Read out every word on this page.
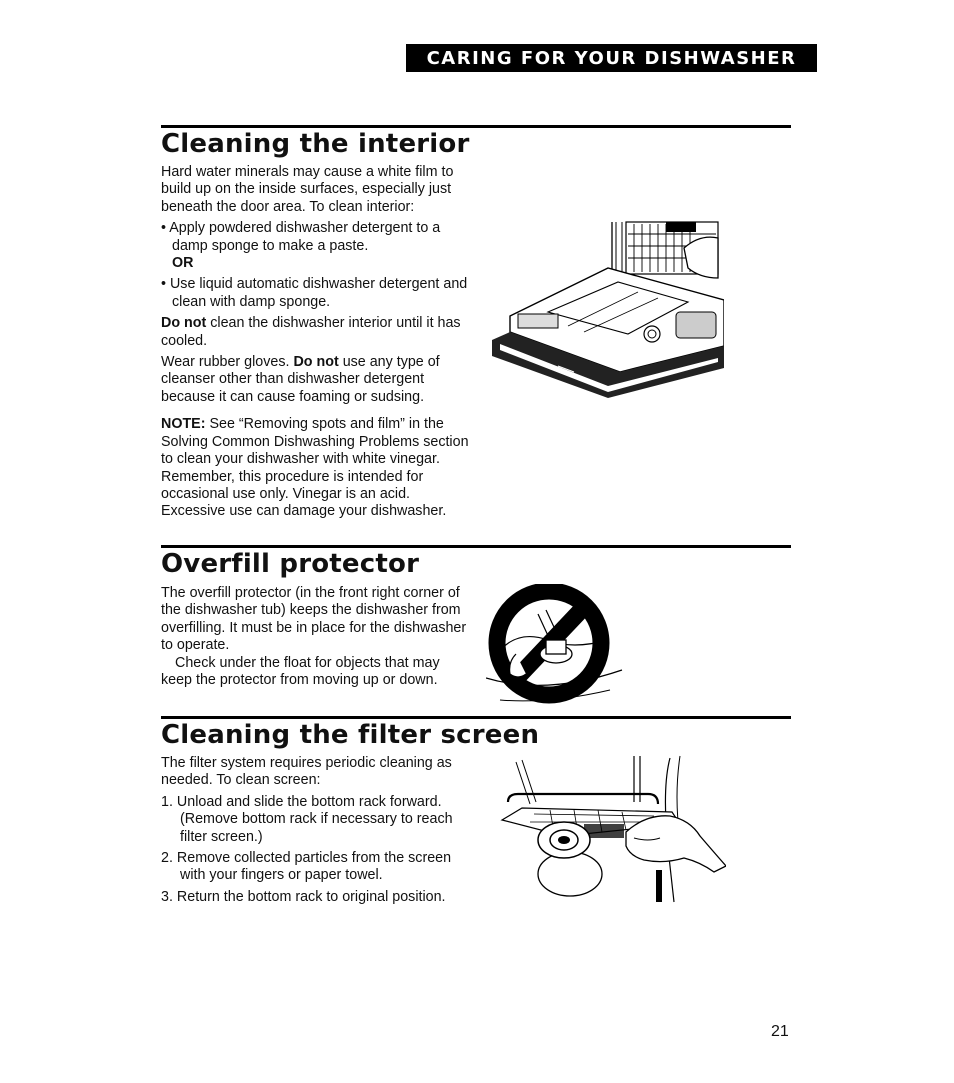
CARING FOR YOUR DISHWASHER
Cleaning the interior

Hard water minerals may cause a white film to build up on the inside surfaces, especially just beneath the door area. To clean interior:

• Apply powdered dishwasher detergent to a damp sponge to make a paste.

OR

• Use liquid automatic dishwasher detergent and clean with damp sponge.

Do not clean the dishwasher interior until it has cooled.

Wear rubber gloves. Do not use any type of cleanser other than dishwasher detergent because it can cause foaming or sudsing.

NOTE: See “Removing spots and film” in the Solving Common Dishwashing Problems section to clean your dishwasher with white vinegar. Remember, this procedure is intended for occasional use only. Vinegar is an acid. Excessive use can damage your dishwasher.

Overfill protector

The overfill protector (in the front right corner of the dishwasher tub) keeps the dishwasher from overfilling. It must be in place for the dishwasher to operate.

Check under the float for objects that may keep the protector from moving up or down.

Cleaning the filter screen

The filter system requires periodic cleaning as needed. To clean screen:

1. Unload and slide the bottom rack forward. (Remove bottom rack if necessary to reach filter screen.)

2. Remove collected particles from the screen with your fingers or paper towel.

3. Return the bottom rack to original position.

21
